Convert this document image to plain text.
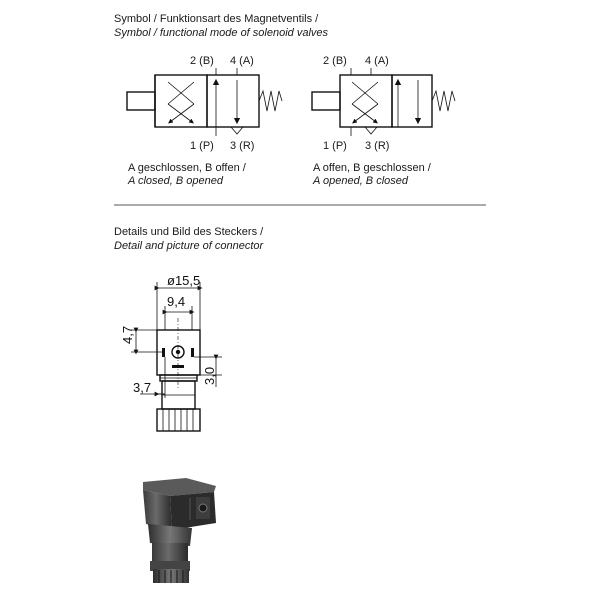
Symbol / Funktionsart des Magnetventils /
Symbol / functional mode of solenoid valves
2 (B) 4 (A)
1 (P) 3 (R)
2 (B) 4 (A)
1 (P) 3 (R)
A geschlossen, B offen /
A closed, B opened
A offen, B geschlossen /
A opened, B closed
Details und Bild des Steckers /
Detail and picture of connector
ø15,5
9,4
4,7
3,7
3,0
